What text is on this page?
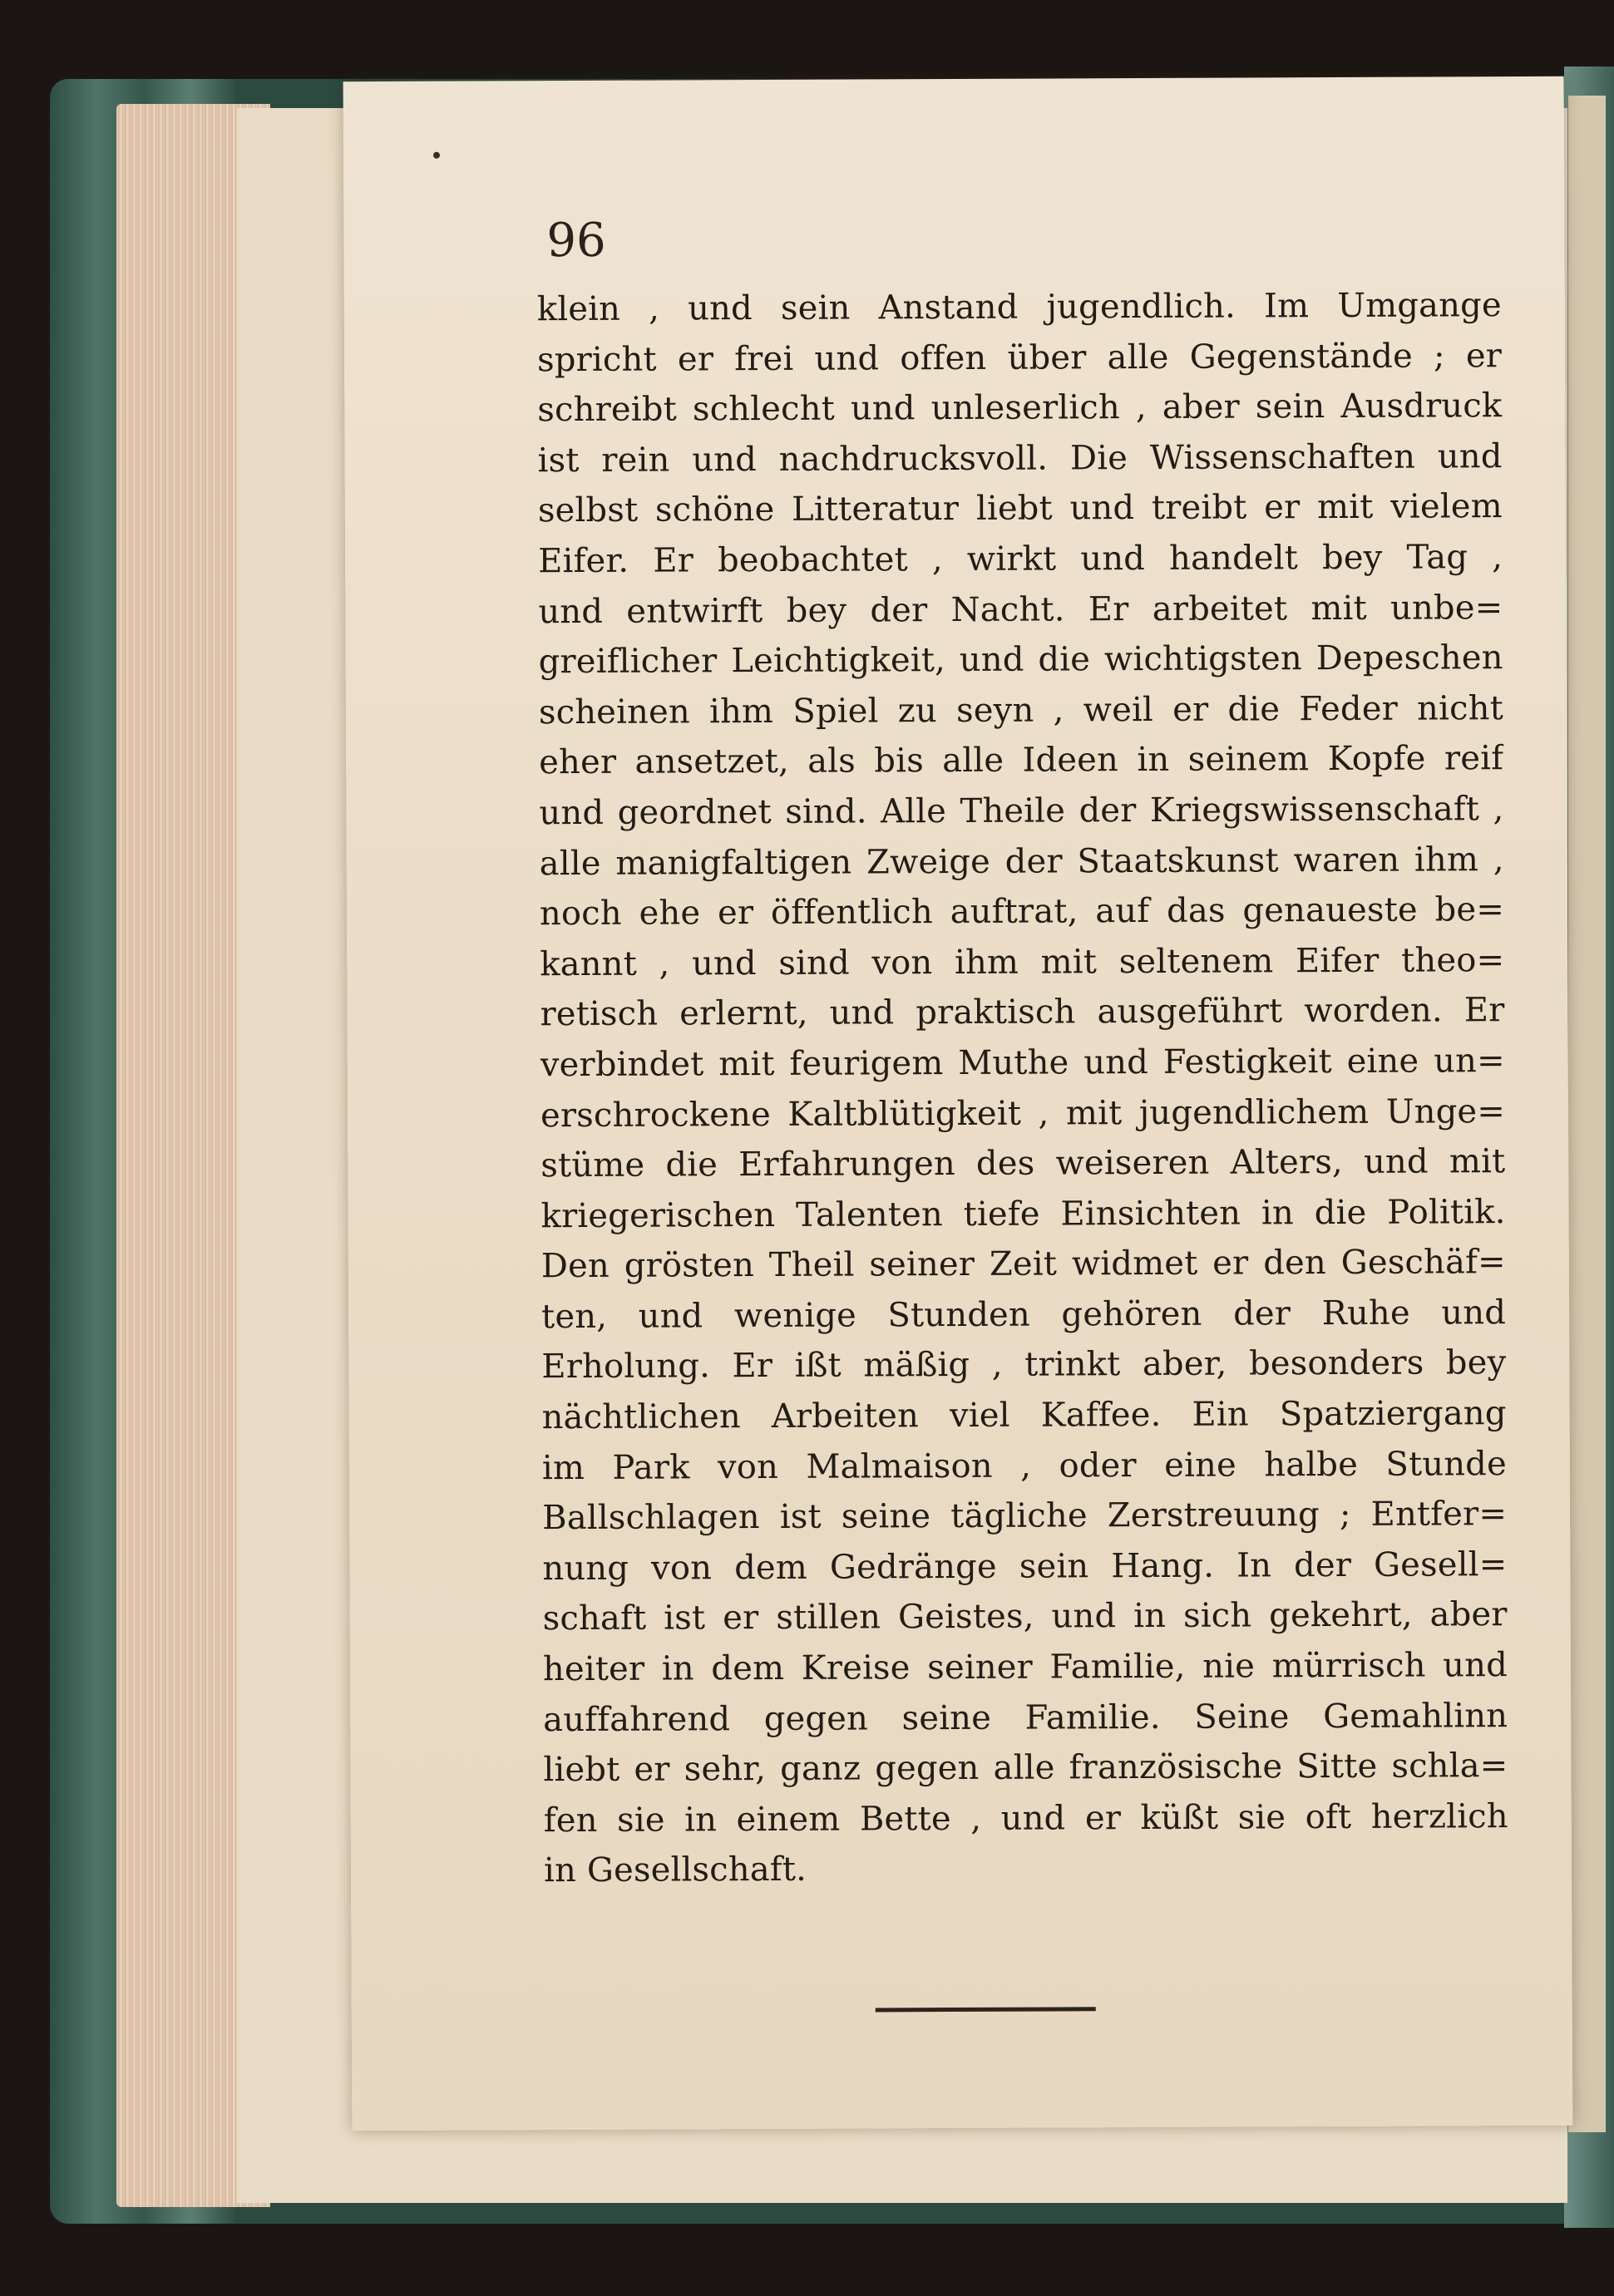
96
klein , und sein Anstand jugendlich. Im Umgange
spricht er frei und offen über alle Gegenstände ; er
schreibt schlecht und unleserlich , aber sein Ausdruck
ist rein und nachdrucksvoll. Die Wissenschaften und
selbst schöne Litteratur liebt und treibt er mit vielem
Eifer. Er beobachtet , wirkt und handelt bey Tag ,
und entwirft bey der Nacht. Er arbeitet mit unbe=
greiflicher Leichtigkeit, und die wichtigsten Depeschen
scheinen ihm Spiel zu seyn , weil er die Feder nicht
eher ansetzet, als bis alle Ideen in seinem Kopfe reif
und geordnet sind. Alle Theile der Kriegswissenschaft ,
alle manigfaltigen Zweige der Staatskunst waren ihm ,
noch ehe er öffentlich auftrat, auf das genaueste be=
kannt , und sind von ihm mit seltenem Eifer theo=
retisch erlernt, und praktisch ausgeführt worden. Er
verbindet mit feurigem Muthe und Festigkeit eine un=
erschrockene Kaltblütigkeit , mit jugendlichem Unge=
stüme die Erfahrungen des weiseren Alters, und mit
kriegerischen Talenten tiefe Einsichten in die Politik.
Den grösten Theil seiner Zeit widmet er den Geschäf=
ten, und wenige Stunden gehören der Ruhe und
Erholung. Er ißt mäßig , trinkt aber, besonders bey
nächtlichen Arbeiten viel Kaffee. Ein Spatziergang
im Park von Malmaison , oder eine halbe Stunde
Ballschlagen ist seine tägliche Zerstreuung ; Entfer=
nung von dem Gedränge sein Hang. In der Gesell=
schaft ist er stillen Geistes, und in sich gekehrt, aber
heiter in dem Kreise seiner Familie, nie mürrisch und
auffahrend gegen seine Familie. Seine Gemahlinn
liebt er sehr, ganz gegen alle französische Sitte schla=
fen sie in einem Bette , und er küßt sie oft herzlich
in Gesellschaft.
